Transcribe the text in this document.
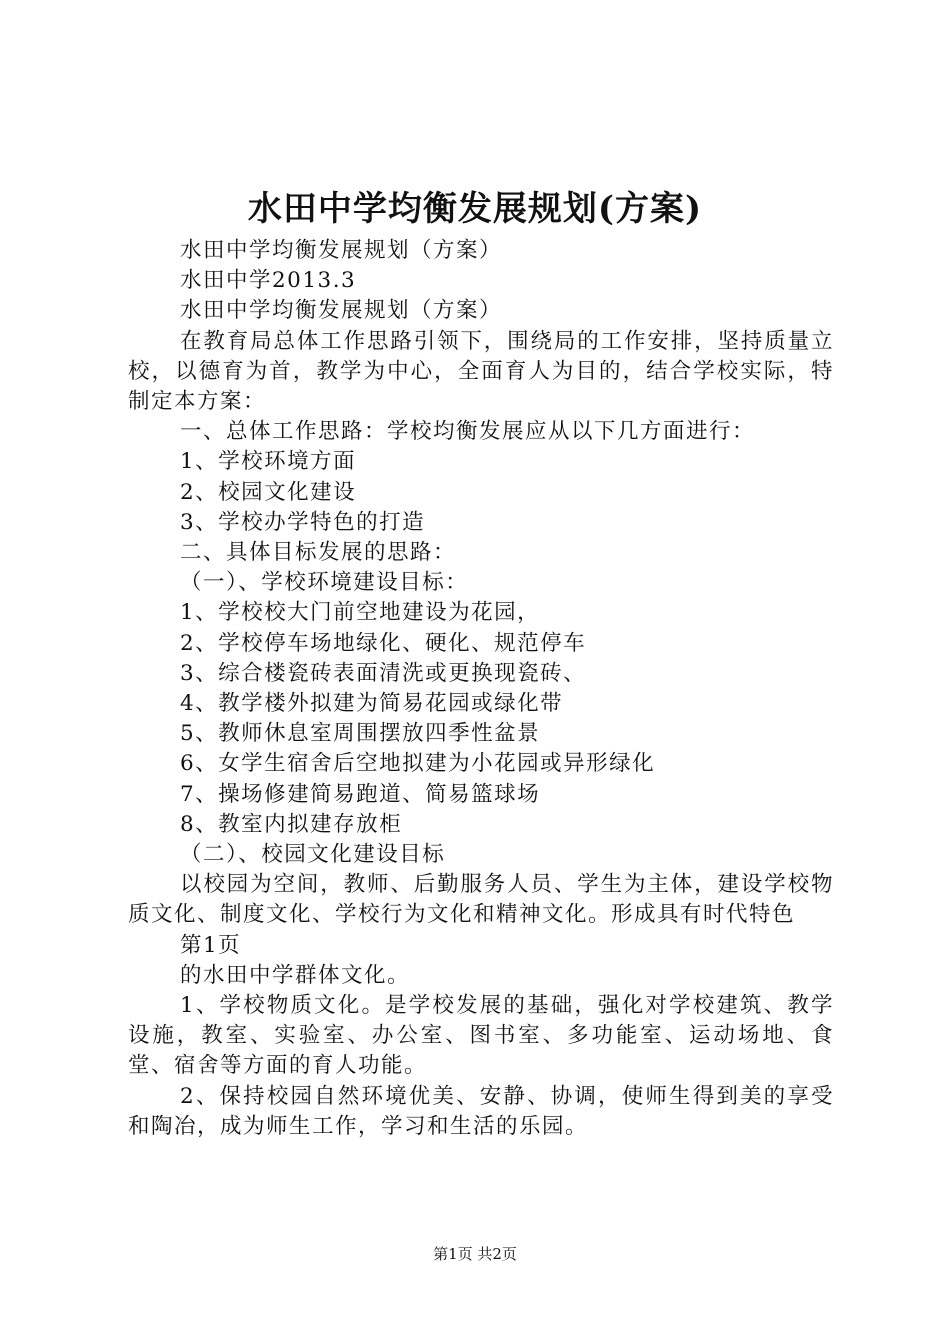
水田中学均衡发展规划(方案)

水田中学均衡发展规划（方案）

水田中学2013.3

水田中学均衡发展规划（方案）

在教育局总体工作思路引领下，围绕局的工作安排，坚持质量立校，以德育为首，教学为中心，全面育人为目的，结合学校实际，特制定本方案：

一、总体工作思路：学校均衡发展应从以下几方面进行：

1、学校环境方面

2、校园文化建设

3、学校办学特色的打造

二、具体目标发展的思路：

（一）、学校环境建设目标：

1、学校校大门前空地建设为花园，

2、学校停车场地绿化、硬化、规范停车

3、综合楼瓷砖表面清洗或更换现瓷砖、

4、教学楼外拟建为简易花园或绿化带

5、教师休息室周围摆放四季性盆景

6、女学生宿舍后空地拟建为小花园或异形绿化

7、操场修建简易跑道、简易篮球场

8、教室内拟建存放柜

（二）、校园文化建设目标

以校园为空间，教师、后勤服务人员、学生为主体，建设学校物质文化、制度文化、学校行为文化和精神文化。形成具有时代特色

第1页

的水田中学群体文化。

1、学校物质文化。是学校发展的基础，强化对学校建筑、教学设施，教室、实验室、办公室、图书室、多功能室、运动场地、食堂、宿舍等方面的育人功能。

2、保持校园自然环境优美、安静、协调，使师生得到美的享受和陶冶，成为师生工作，学习和生活的乐园。

第1页 共2页
